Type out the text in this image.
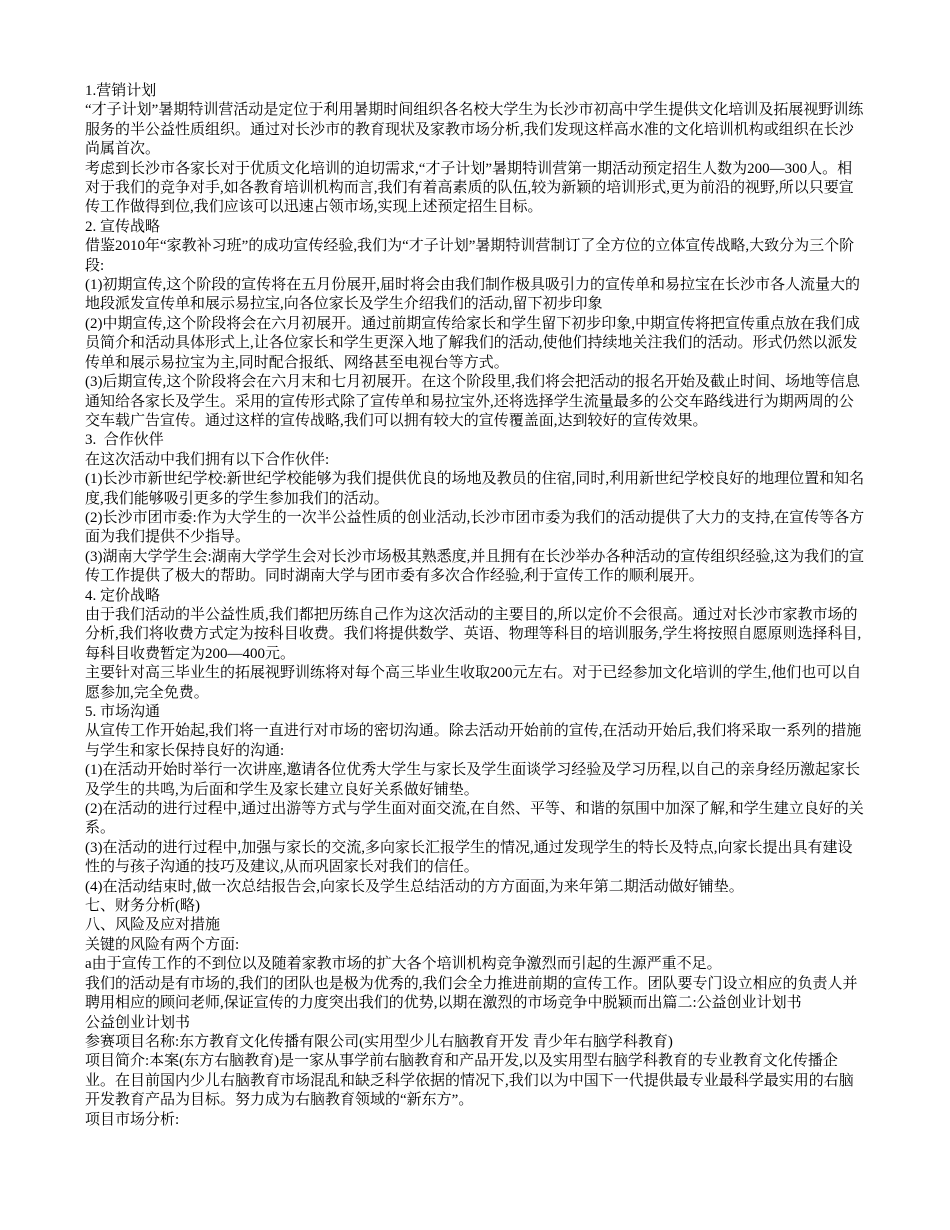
1.营销计划

“才子计划”暑期特训营活动是定位于利用暑期时间组织各名校大学生为长沙市初高中学生提供文化培训及拓展视野训练服务的半公益性质组织。通过对长沙市的教育现状及家教市场分析,我们发现这样高水准的文化培训机构或组织在长沙尚属首次。

考虑到长沙市各家长对于优质文化培训的迫切需求,“才子计划”暑期特训营第一期活动预定招生人数为200—300人。相对于我们的竞争对手,如各教育培训机构而言,我们有着高素质的队伍,较为新颖的培训形式,更为前沿的视野,所以只要宣传工作做得到位,我们应该可以迅速占领市场,实现上述预定招生目标。

2. 宣传战略

借鉴2010年“家教补习班”的成功宣传经验,我们为“才子计划”暑期特训营制订了全方位的立体宣传战略,大致分为三个阶段:

(1)初期宣传,这个阶段的宣传将在五月份展开,届时将会由我们制作极具吸引力的宣传单和易拉宝在长沙市各人流量大的地段派发宣传单和展示易拉宝,向各位家长及学生介绍我们的活动,留下初步印象

(2)中期宣传,这个阶段将会在六月初展开。通过前期宣传给家长和学生留下初步印象,中期宣传将把宣传重点放在我们成员简介和活动具体形式上,让各位家长和学生更深入地了解我们的活动,使他们持续地关注我们的活动。形式仍然以派发传单和展示易拉宝为主,同时配合报纸、网络甚至电视台等方式。

(3)后期宣传,这个阶段将会在六月末和七月初展开。在这个阶段里,我们将会把活动的报名开始及截止时间、场地等信息通知给各家长及学生。采用的宣传形式除了宣传单和易拉宝外,还将选择学生流量最多的公交车路线进行为期两周的公交车载广告宣传。通过这样的宣传战略,我们可以拥有较大的宣传覆盖面,达到较好的宣传效果。

3.  合作伙伴

在这次活动中我们拥有以下合作伙伴:

(1)长沙市新世纪学校:新世纪学校能够为我们提供优良的场地及教员的住宿,同时,利用新世纪学校良好的地理位置和知名度,我们能够吸引更多的学生参加我们的活动。

(2)长沙市团市委:作为大学生的一次半公益性质的创业活动,长沙市团市委为我们的活动提供了大力的支持,在宣传等各方面为我们提供不少指导。

(3)湖南大学学生会:湖南大学学生会对长沙市场极其熟悉度,并且拥有在长沙举办各种活动的宣传组织经验,这为我们的宣传工作提供了极大的帮助。同时湖南大学与团市委有多次合作经验,利于宣传工作的顺利展开。

4. 定价战略

由于我们活动的半公益性质,我们都把历练自己作为这次活动的主要目的,所以定价不会很高。通过对长沙市家教市场的分析,我们将收费方式定为按科目收费。我们将提供数学、英语、物理等科目的培训服务,学生将按照自愿原则选择科目,每科目收费暂定为200—400元。

主要针对高三毕业生的拓展视野训练将对每个高三毕业生收取200元左右。对于已经参加文化培训的学生,他们也可以自愿参加,完全免费。

5. 市场沟通

从宣传工作开始起,我们将一直进行对市场的密切沟通。除去活动开始前的宣传,在活动开始后,我们将采取一系列的措施与学生和家长保持良好的沟通:

(1)在活动开始时举行一次讲座,邀请各位优秀大学生与家长及学生面谈学习经验及学习历程,以自己的亲身经历激起家长及学生的共鸣,为后面和学生及家长建立良好关系做好铺垫。

(2)在活动的进行过程中,通过出游等方式与学生面对面交流,在自然、平等、和谐的氛围中加深了解,和学生建立良好的关系。

(3)在活动的进行过程中,加强与家长的交流,多向家长汇报学生的情况,通过发现学生的特长及特点,向家长提出具有建设性的与孩子沟通的技巧及建议,从而巩固家长对我们的信任。

(4)在活动结束时,做一次总结报告会,向家长及学生总结活动的方方面面,为来年第二期活动做好铺垫。

七、财务分析(略)

八、风险及应对措施

关键的风险有两个方面:

a由于宣传工作的不到位以及随着家教市场的扩大各个培训机构竞争激烈而引起的生源严重不足。

我们的活动是有市场的,我们的团队也是极为优秀的,我们会全力推进前期的宣传工作。团队要专门设立相应的负责人并聘用相应的顾问老师,保证宣传的力度突出我们的优势,以期在激烈的市场竞争中脱颖而出篇二:公益创业计划书

公益创业计划书

参赛项目名称:东方教育文化传播有限公司(实用型少儿右脑教育开发 青少年右脑学科教育)

项目简介:本案(东方右脑教育)是一家从事学前右脑教育和产品开发,以及实用型右脑学科教育的专业教育文化传播企业。在目前国内少儿右脑教育市场混乱和缺乏科学依据的情况下,我们以为中国下一代提供最专业最科学最实用的右脑开发教育产品为目标。努力成为右脑教育领域的“新东方”。

项目市场分析:
